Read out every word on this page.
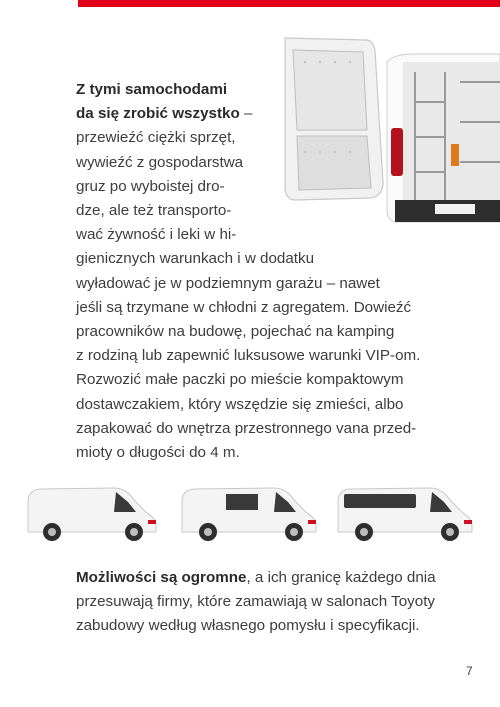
Z tymi samochodami
da się zrobić wszystko –
przewieźć ciężki sprzęt,
wywieźć z gospodarstwa
gruz po wyboistej dro-
dze, ale też transporto-
wać żywność i leki w hi-
gienicznych warunkach i w dodatku
wyładować je w podziemnym garażu – nawet
jeśli są trzymane w chłodni z agregatem. Dowieźć
pracowników na budowę, pojechać na kamping
z rodziną lub zapewnić luksusowe warunki VIP-om.
Rozwozić małe paczki po mieście kompaktowym
dostawczakiem, który wszędzie się zmieści, albo
zapakować do wnętrza przestronnego vana przed-
mioty o długości do 4 m.
Możliwości są ogromne, a ich granicę każdego dnia
przesuwają firmy, które zamawiają w salonach Toyoty
zabudowy według własnego pomysłu i specyfikacji.
7
